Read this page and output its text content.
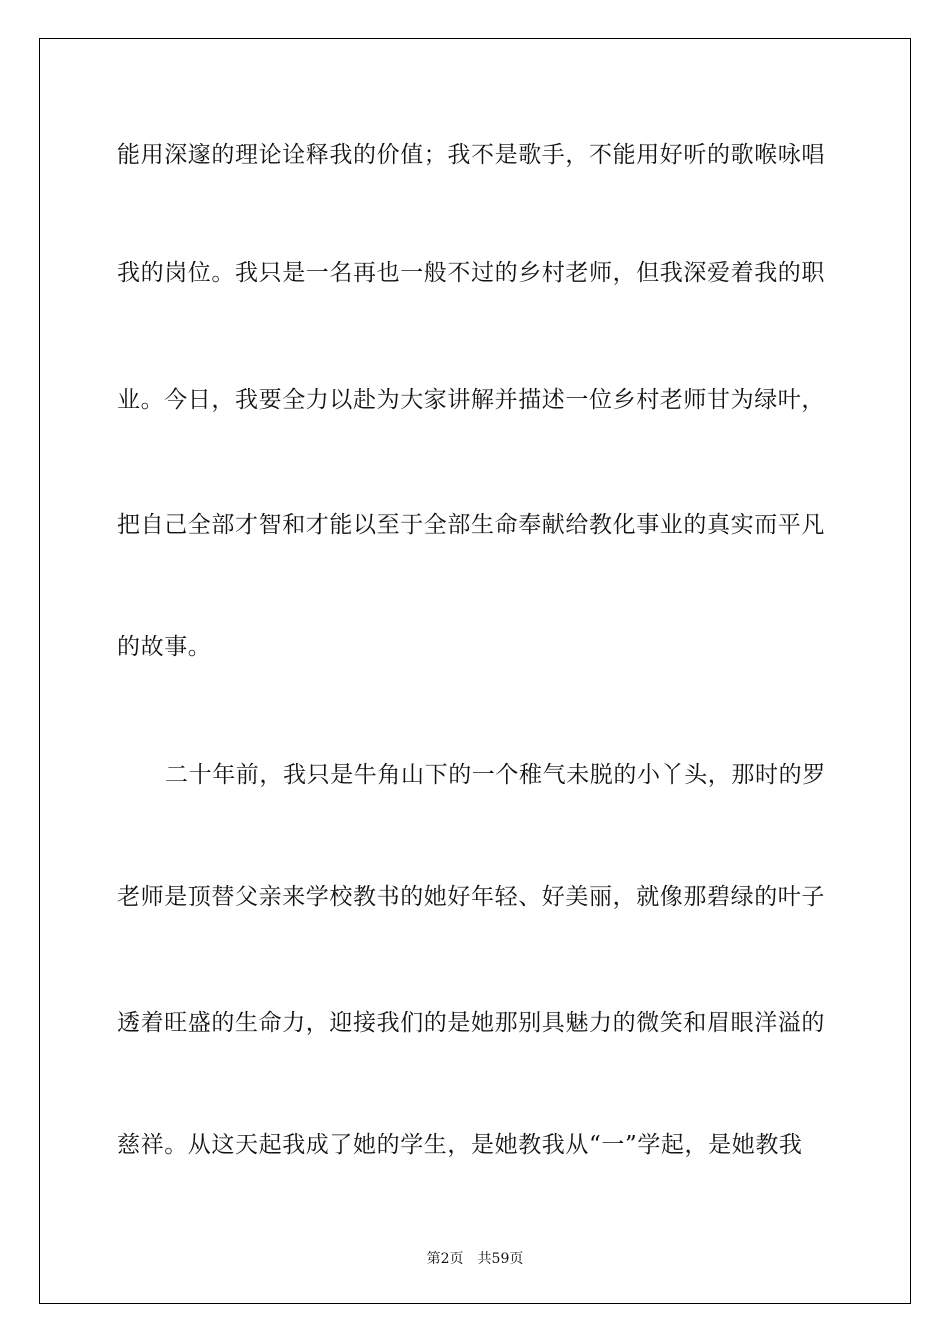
能用深邃的理论诠释我的价值；我不是歌手，不能用好听的歌喉咏唱
我的岗位。我只是一名再也一般不过的乡村老师，但我深爱着我的职
业。今日，我要全力以赴为大家讲解并描述一位乡村老师甘为绿叶，
把自己全部才智和才能以至于全部生命奉献给教化事业的真实而平凡
的故事。
二十年前，我只是牛角山下的一个稚气未脱的小丫头，那时的罗
老师是顶替父亲来学校教书的她好年轻、好美丽，就像那碧绿的叶子
透着旺盛的生命力，迎接我们的是她那别具魅力的微笑和眉眼洋溢的
慈祥。从这天起我成了她的学生，是她教我从“一”学起，是她教我
第2页 共59页
